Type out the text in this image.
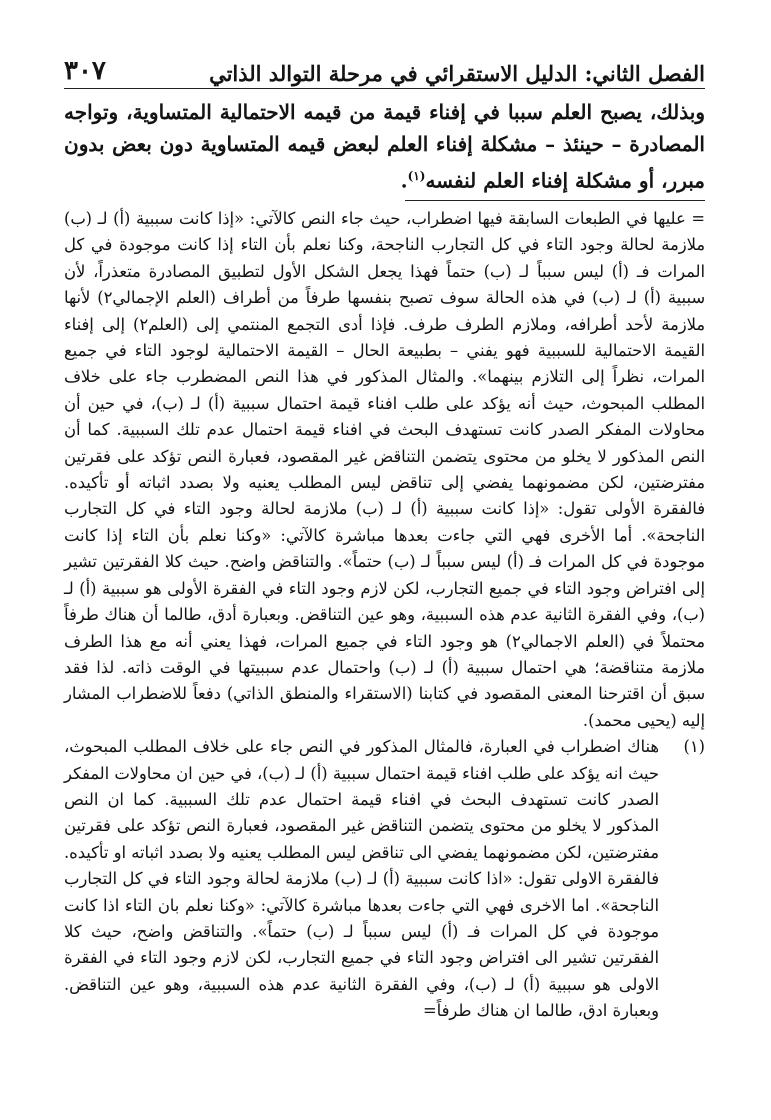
الفصل الثاني: الدليل الاستقرائي في مرحلة التوالد الذاتي
٣٠٧
وبذلك، يصبح العلم سببا في إفناء قيمة من قيمه الاحتمالية المتساوية، وتواجه المصادرة – حينئذ – مشكلة إفناء العلم لبعض قيمه المتساوية دون بعض بدون مبرر، أو مشكلة إفناء العلم لنفسه$^{(١)}$.

= عليها في الطبعات السابقة فيها اضطراب، حيث جاء النص كالآتي: «إذا كانت سببية (أ) لـ (ب) ملازمة لحالة وجود التاء في كل التجارب الناجحة، وكنا نعلم بأن التاء إذا كانت موجودة في كل المرات فـ (أ) ليس سبباً لـ (ب) حتماً فهذا يجعل الشكل الأول لتطبيق المصادرة متعذراً، لأن سببية (أ) لـ (ب) في هذه الحالة سوف تصبح بنفسها طرفاً من أطراف (العلم الإجمالي٢) لأنها ملازمة لأحد أطرافه، وملازم الطرف طرف. فإذا أدى التجمع المنتمي إلى (العلم٢) إلى إفناء القيمة الاحتمالية للسببية فهو يفني – بطبيعة الحال – القيمة الاحتمالية لوجود التاء في جميع المرات، نظراً إلى التلازم بينهما». والمثال المذكور في هذا النص المضطرب جاء على خلاف المطلب المبحوث، حيث أنه يؤكد على طلب افناء قيمة احتمال سببية (أ) لـ (ب)، في حين أن محاولات المفكر الصدر كانت تستهدف البحث في افناء قيمة احتمال عدم تلك السببية. كما أن النص المذكور لا يخلو من محتوى يتضمن التناقض غير المقصود، فعبارة النص تؤكد على فقرتين مفترضتين، لكن مضمونهما يفضي إلى تناقض ليس المطلب يعنيه ولا بصدد اثباته أو تأكيده. فالفقرة الأولى تقول: «إذا كانت سببية (أ) لـ (ب) ملازمة لحالة وجود التاء في كل التجارب الناجحة». أما الأخرى فهي التي جاءت بعدها مباشرة كالآتي: «وكنا نعلم بأن التاء إذا كانت موجودة في كل المرات فـ (أ) ليس سبباً لـ (ب) حتماً». والتناقض واضح. حيث كلا الفقرتين تشير إلى افتراض وجود التاء في جميع التجارب، لكن لازم وجود التاء في الفقرة الأولى هو سببية (أ) لـ (ب)، وفي الفقرة الثانية عدم هذه السببية، وهو عين التناقض. وبعبارة أدق، طالما أن هناك طرفاً محتملاً في (العلم الاجمالي٢) هو وجود التاء في جميع المرات، فهذا يعني أنه مع هذا الطرف ملازمة متناقضة؛ هي احتمال سببية (أ) لـ (ب) واحتمال عدم سببيتها في الوقت ذاته. لذا فقد سبق أن اقترحنا المعنى المقصود في كتابنا (الاستقراء والمنطق الذاتي) دفعاً للاضطراب المشار إليه (يحيى محمد).

(١)
هناك اضطراب في العبارة، فالمثال المذكور في النص جاء على خلاف المطلب المبحوث، حيث انه يؤكد على طلب افناء قيمة احتمال سببية (أ) لـ (ب)، في حين ان محاولات المفكر الصدر كانت تستهدف البحث في افناء قيمة احتمال عدم تلك السببية. كما ان النص المذكور لا يخلو من محتوى يتضمن التناقض غير المقصود، فعبارة النص تؤكد على فقرتين مفترضتين، لكن مضمونهما يفضي الى تناقض ليس المطلب يعنيه ولا بصدد اثباته او تأكيده. فالفقرة الاولى تقول: «اذا كانت سببية (أ) لـ (ب) ملازمة لحالة وجود التاء في كل التجارب الناجحة». اما الاخرى فهي التي جاءت بعدها مباشرة كالآتي: «وكنا نعلم بان التاء اذا كانت موجودة في كل المرات فـ (أ) ليس سبباً لـ (ب) حتماً». والتناقض واضح، حيث كلا الفقرتين تشير الى افتراض وجود التاء في جميع التجارب، لكن لازم وجود التاء في الفقرة الاولى هو سببية (أ) لـ (ب)، وفي الفقرة الثانية عدم هذه السببية، وهو عين التناقض. وبعبارة ادق، طالما ان هناك طرفاً=
